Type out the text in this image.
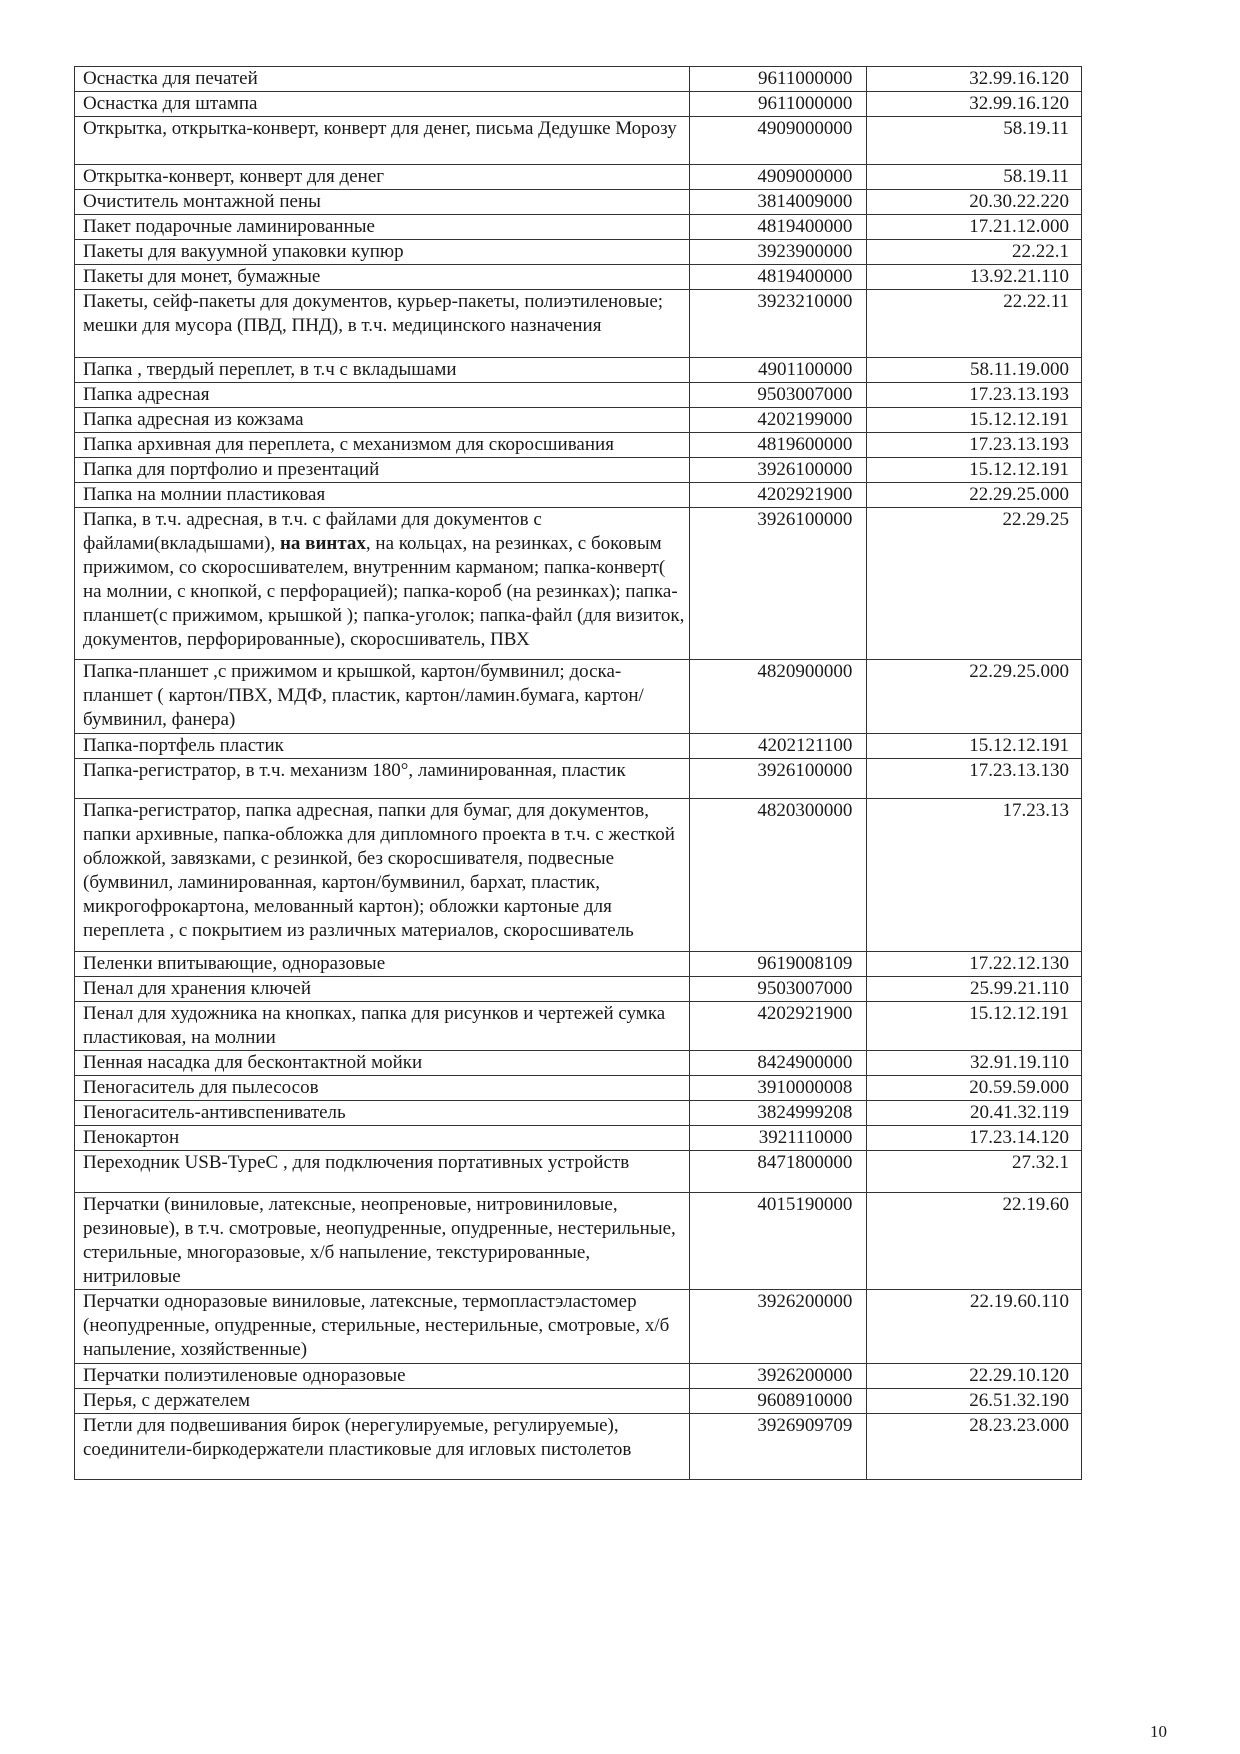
Оснастка для печатей	9611000000	32.99.16.120
Оснастка для штампа	9611000000	32.99.16.120
Открытка, открытка-конверт, конверт для денег, письма Дедушке Морозу	4909000000	58.19.11
Открытка-конверт, конверт для денег	4909000000	58.19.11
Очиститель монтажной пены	3814009000	20.30.22.220
Пакет подарочные ламинированные	4819400000	17.21.12.000
Пакеты для вакуумной упаковки купюр	3923900000	22.22.1
Пакеты для монет, бумажные	4819400000	13.92.21.110
Пакеты, сейф-пакеты для документов, курьер-пакеты, полиэтиленовые; мешки для мусора (ПВД, ПНД), в т.ч. медицинского назначения	3923210000	22.22.11
Папка , твердый переплет, в т.ч с вкладышами	4901100000	58.11.19.000
Папка адресная	9503007000	17.23.13.193
Папка адресная из кожзама	4202199000	15.12.12.191
Папка архивная для переплета, с механизмом для скоросшивания	4819600000	17.23.13.193
Папка для портфолио и презентаций	3926100000	15.12.12.191
Папка на молнии пластиковая	4202921900	22.29.25.000
Папка, в т.ч. адресная, в т.ч. с файлами для документов с файлами(вкладышами), на винтах, на кольцах, на резинках, с боковым прижимом, со скоросшивателем, внутренним карманом; папка-конверт( на молнии, с кнопкой, с перфорацией); папка-короб (на резинках); папка-планшет(с прижимом, крышкой ); папка-уголок; папка-файл (для визиток, документов, перфорированные), скоросшиватель, ПВХ	3926100000	22.29.25
Папка-планшет ,с прижимом и крышкой, картон/бумвинил; доска-планшет ( картон/ПВХ, МДФ, пластик, картон/ламин.бумага, картон/бумвинил, фанера)	4820900000	22.29.25.000
Папка-портфель пластик	4202121100	15.12.12.191
Папка-регистратор, в т.ч. механизм 180°, ламинированная, пластик	3926100000	17.23.13.130
Папка-регистратор, папка адресная, папки для бумаг, для документов, папки архивные, папка-обложка для дипломного проекта в т.ч. с жесткой обложкой, завязками, с резинкой, без скоросшивателя, подвесные (бумвинил, ламинированная, картон/бумвинил, бархат, пластик, микрогофрокартона, мелованный картон); обложки картоные для переплета , с покрытием из различных материалов, скоросшиватель	4820300000	17.23.13
Пеленки впитывающие, одноразовые	9619008109	17.22.12.130
Пенал для хранения ключей	9503007000	25.99.21.110
Пенал для художника на кнопках, папка для рисунков и чертежей сумка пластиковая, на молнии	4202921900	15.12.12.191
Пенная насадка для бесконтактной мойки	8424900000	32.91.19.110
Пеногаситель для пылесосов	3910000008	20.59.59.000
Пеногаситель-антивспениватель	3824999208	20.41.32.119
Пенокартон	3921110000	17.23.14.120
Переходник USB-TypeC , для подключения портативных устройств	8471800000	27.32.1
Перчатки (виниловые, латексные, неопреновые, нитровиниловые, резиновые), в т.ч. смотровые, неопудренные, опудренные, нестерильные, стерильные, многоразовые, х/б напыление, текстурированные, нитриловые	4015190000	22.19.60
Перчатки одноразовые виниловые, латексные, термопластэластомер (неопудренные, опудренные, стерильные, нестерильные, смотровые, х/б напыление, хозяйственные)	3926200000	22.19.60.110
Перчатки полиэтиленовые одноразовые	3926200000	22.29.10.120
Перья, с держателем	9608910000	26.51.32.190
Петли для подвешивания бирок (нерегулируемые, регулируемые), соединители-биркодержатели пластиковые для игловых пистолетов	3926909709	28.23.23.000
10
